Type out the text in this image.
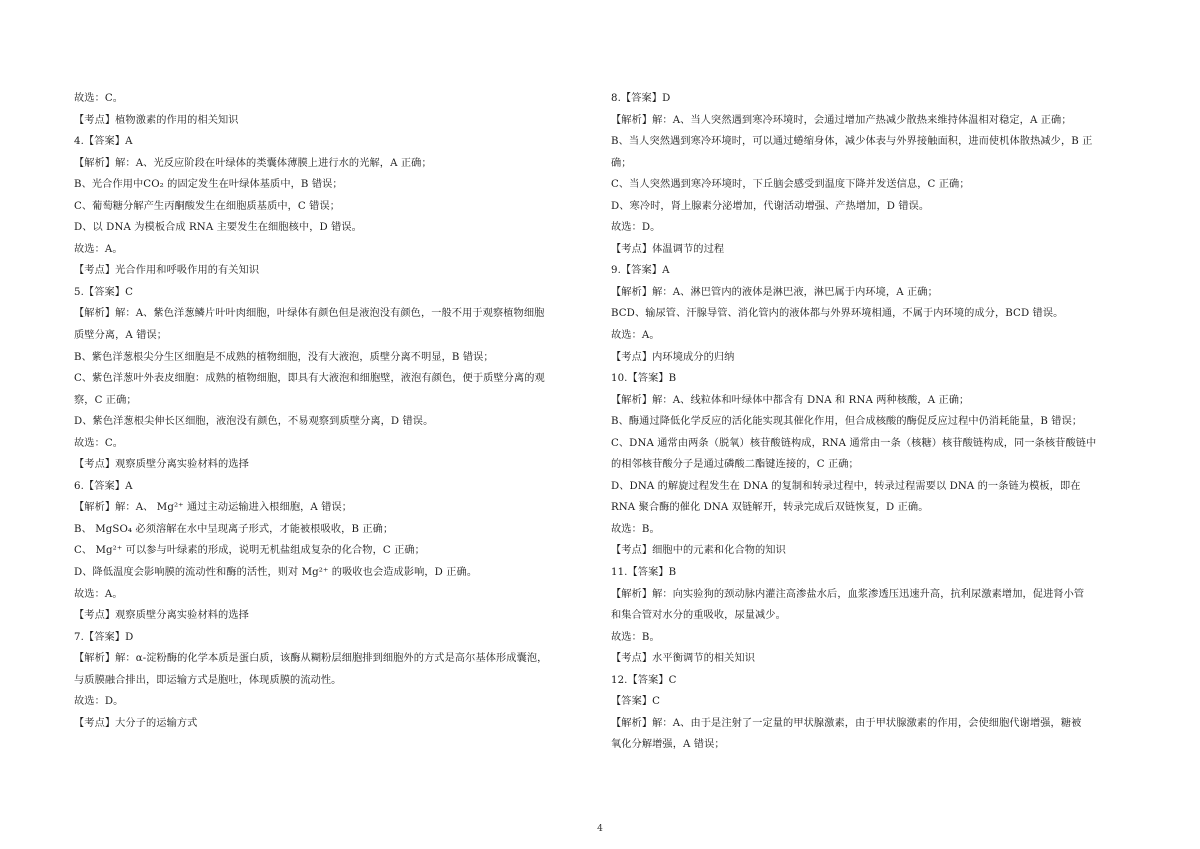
故选：C。
【考点】植物激素的作用的相关知识
4.【答案】A
【解析】解：A、光反应阶段在叶绿体的类囊体薄膜上进行水的光解，A 正确；
B、光合作用中CO₂ 的固定发生在叶绿体基质中，B 错误；
C、葡萄糖分解产生丙酮酸发生在细胞质基质中，C 错误；
D、以 DNA 为模板合成 RNA 主要发生在细胞核中，D 错误。
故选：A。
【考点】光合作用和呼吸作用的有关知识
5.【答案】C
【解析】解：A、紫色洋葱鳞片叶叶肉细胞，叶绿体有颜色但是液泡没有颜色，一般不用于观察植物细胞
质壁分离，A 错误；
B、紫色洋葱根尖分生区细胞是不成熟的植物细胞，没有大液泡，质壁分离不明显，B 错误；
C、紫色洋葱叶外表皮细胞：成熟的植物细胞，即具有大液泡和细胞壁，液泡有颜色，便于质壁分离的观
察，C 正确；
D、紫色洋葱根尖伸长区细胞，液泡没有颜色，不易观察到质壁分离，D 错误。
故选：C。
【考点】观察质壁分离实验材料的选择
6.【答案】A
【解析】解：A、 Mg²⁺ 通过主动运输进入根细胞，A 错误；
B、 MgSO₄ 必须溶解在水中呈现离子形式，才能被根吸收，B 正确；
C、 Mg²⁺ 可以参与叶绿素的形成，说明无机盐组成复杂的化合物，C 正确；
D、降低温度会影响膜的流动性和酶的活性，则对 Mg²⁺ 的吸收也会造成影响，D 正确。
故选：A。
【考点】观察质壁分离实验材料的选择
7.【答案】D
【解析】解：α-淀粉酶的化学本质是蛋白质，该酶从糊粉层细胞排到细胞外的方式是高尔基体形成囊泡，
与质膜融合排出，即运输方式是胞吐，体现质膜的流动性。
故选：D。
【考点】大分子的运输方式
8.【答案】D
【解析】解：A、当人突然遇到寒冷环境时，会通过增加产热减少散热来维持体温相对稳定，A 正确；
B、当人突然遇到寒冷环境时，可以通过蜷缩身体，减少体表与外界接触面积，进而使机体散热减少，B 正
确；
C、当人突然遇到寒冷环境时，下丘脑会感受到温度下降并发送信息，C 正确；
D、寒冷时，肾上腺素分泌增加，代谢活动增强、产热增加，D 错误。
故选：D。
【考点】体温调节的过程
9.【答案】A
【解析】解：A、淋巴管内的液体是淋巴液，淋巴属于内环境，A 正确；
BCD、输尿管、汗腺导管、消化管内的液体都与外界环境相通，不属于内环境的成分，BCD 错误。
故选：A。
【考点】内环境成分的归纳
10.【答案】B
【解析】解：A、线粒体和叶绿体中都含有 DNA 和 RNA 两种核酸，A 正确；
B、酶通过降低化学反应的活化能实现其催化作用，但合成核酸的酶促反应过程中仍消耗能量，B 错误；
C、DNA 通常由两条（脱氧）核苷酸链构成，RNA 通常由一条（核糖）核苷酸链构成，同一条核苷酸链中
的相邻核苷酸分子是通过磷酸二酯键连接的，C 正确；
D、DNA 的解旋过程发生在 DNA 的复制和转录过程中，转录过程需要以 DNA 的一条链为模板，即在
RNA 聚合酶的催化 DNA 双链解开，转录完成后双链恢复，D 正确。
故选：B。
【考点】细胞中的元素和化合物的知识
11.【答案】B
【解析】解：向实验狗的颈动脉内灌注高渗盐水后，血浆渗透压迅速升高，抗利尿激素增加，促进肾小管
和集合管对水分的重吸收，尿量减少。
故选：B。
【考点】水平衡调节的相关知识
12.【答案】C
【答案】C
【解析】解：A、由于是注射了一定量的甲状腺激素，由于甲状腺激素的作用，会使细胞代谢增强，糖被
氧化分解增强，A 错误；
4
